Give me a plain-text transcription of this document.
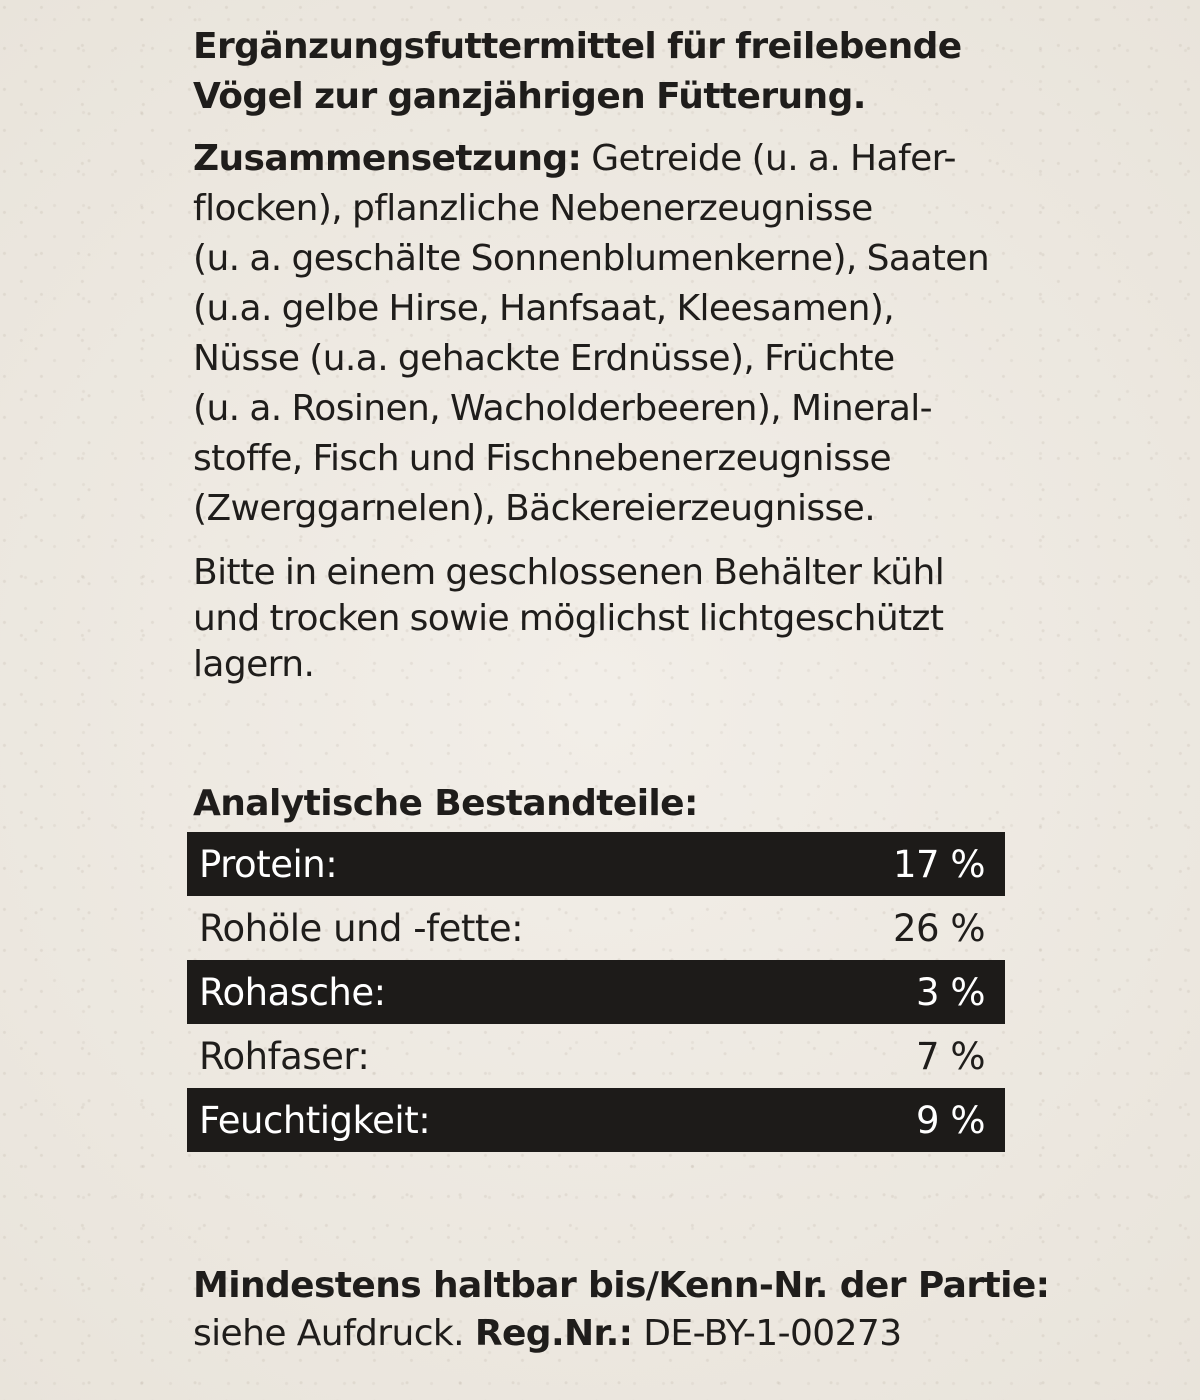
Ergänzungsfuttermittel für freilebende
Vögel zur ganzjährigen Fütterung.
Zusammensetzung: Getreide (u. a. Hafer-
flocken), pflanzliche Nebenerzeugnisse
(u. a. geschälte Sonnenblumenkerne), Saaten
(u.a. gelbe Hirse, Hanfsaat, Kleesamen),
Nüsse (u.a. gehackte Erdnüsse), Früchte
(u. a. Rosinen, Wacholderbeeren), Mineral-
stoffe, Fisch und Fischnebenerzeugnisse
(Zwerggarnelen), Bäckereierzeugnisse.
Bitte in einem geschlossenen Behälter kühl
und trocken sowie möglichst lichtgeschützt
lagern.
Analytische Bestandteile:
Protein:	17 %
Rohöle und -fette:	26 %
Rohasche:	3 %
Rohfaser:	7 %
Feuchtigkeit:	9 %
Mindestens haltbar bis/Kenn-Nr. der Partie:
siehe Aufdruck. Reg.Nr.: DE-BY-1-00273
